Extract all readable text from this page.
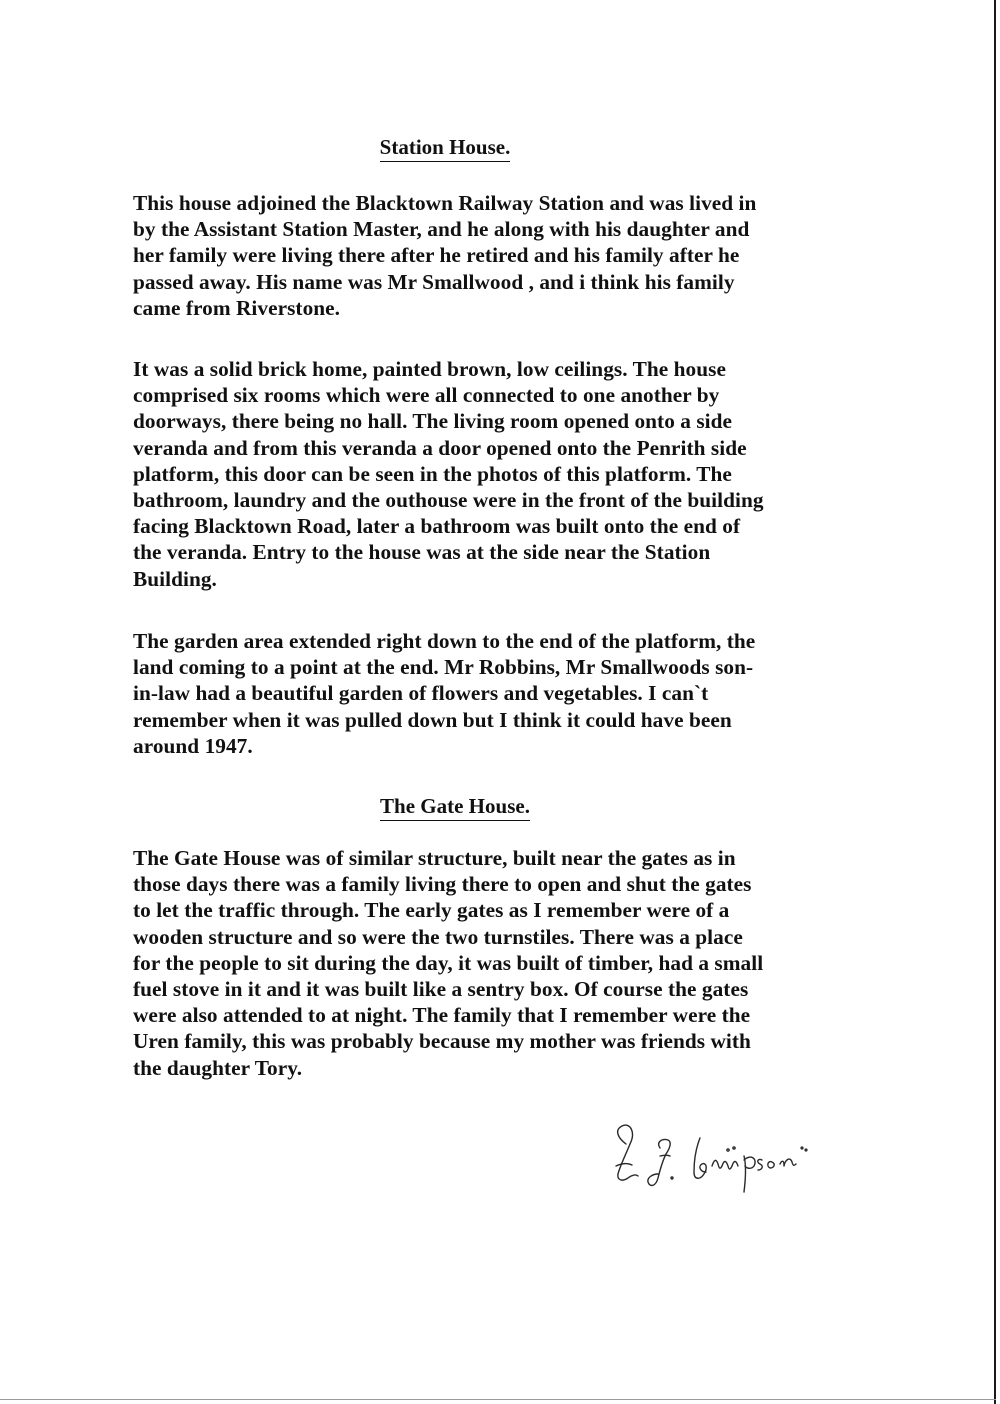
Station House.

This house adjoined the Blacktown Railway Station and was lived in
by the Assistant Station Master, and he along with his daughter and
her family were living there after he retired and his family after he
passed away. His name was Mr Smallwood , and i think his family
came from Riverstone.

It was a solid brick home, painted brown, low ceilings. The house
comprised six rooms which were all connected to one another by
doorways, there being no hall. The living room opened onto a side
veranda and from this veranda a door opened onto the Penrith side
platform, this door can be seen in the photos of this platform. The
bathroom, laundry and the outhouse were in the front of the building
facing Blacktown Road, later a bathroom was built onto the end of
the veranda. Entry to the house was at the side near the Station
Building.

The garden area extended right down to the end of the platform, the
land coming to a point at the end. Mr Robbins, Mr Smallwoods son-
in-law had a beautiful garden of flowers and vegetables. I can`t
remember when it was pulled down but I think it could have been
around 1947.

The Gate House.

The Gate House was of similar structure, built near the gates as in
those days there was a family living there to open and shut the gates
to let the traffic through. The early gates as I remember were of a
wooden structure and so were the two turnstiles. There was a place
for the people to sit during the day, it was built of timber, had a small
fuel stove in it and it was built like a sentry box. Of course the gates
were also attended to at night. The family that I remember were the
Uren family, this was probably because my mother was friends with
the daughter Tory.
